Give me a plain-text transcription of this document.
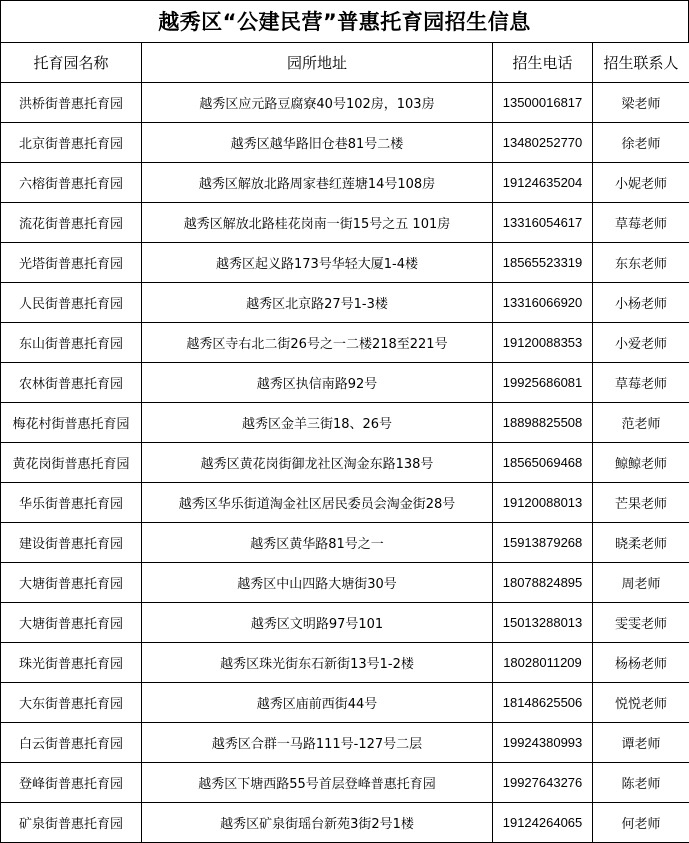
越秀区“公建民营”普惠托育园招生信息
托育园名称	园所地址	招生电话	招生联系人
洪桥街普惠托育园	越秀区应元路豆腐寮40号102房，103房	13500016817	梁老师
北京街普惠托育园	越秀区越华路旧仓巷81号二楼	13480252770	徐老师
六榕街普惠托育园	越秀区解放北路周家巷红莲塘14号108房	19124635204	小妮老师
流花街普惠托育园	越秀区解放北路桂花岗南一街15号之五 101房	13316054617	草莓老师
光塔街普惠托育园	越秀区起义路173号华轻大厦1-4楼	18565523319	东东老师
人民街普惠托育园	越秀区北京路27号1-3楼	13316066920	小杨老师
东山街普惠托育园	越秀区寺右北二街26号之一二楼218至221号	19120088353	小爱老师
农林街普惠托育园	越秀区执信南路92号	19925686081	草莓老师
梅花村街普惠托育园	越秀区金羊三街18、26号	18898825508	范老师
黄花岗街普惠托育园	越秀区黄花岗街御龙社区淘金东路138号	18565069468	鲸鲸老师
华乐街普惠托育园	越秀区华乐街道淘金社区居民委员会淘金街28号	19120088013	芒果老师
建设街普惠托育园	越秀区黄华路81号之一	15913879268	晓柔老师
大塘街普惠托育园	越秀区中山四路大塘街30号	18078824895	周老师
大塘街普惠托育园	越秀区文明路97号101	15013288013	雯雯老师
珠光街普惠托育园	越秀区珠光街东石新街13号1-2楼	18028011209	杨杨老师
大东街普惠托育园	越秀区庙前西街44号	18148625506	悦悦老师
白云街普惠托育园	越秀区合群一马路111号-127号二层	19924380993	谭老师
登峰街普惠托育园	越秀区下塘西路55号首层登峰普惠托育园	19927643276	陈老师
矿泉街普惠托育园	越秀区矿泉街瑶台新苑3街2号1楼	19124264065	何老师
